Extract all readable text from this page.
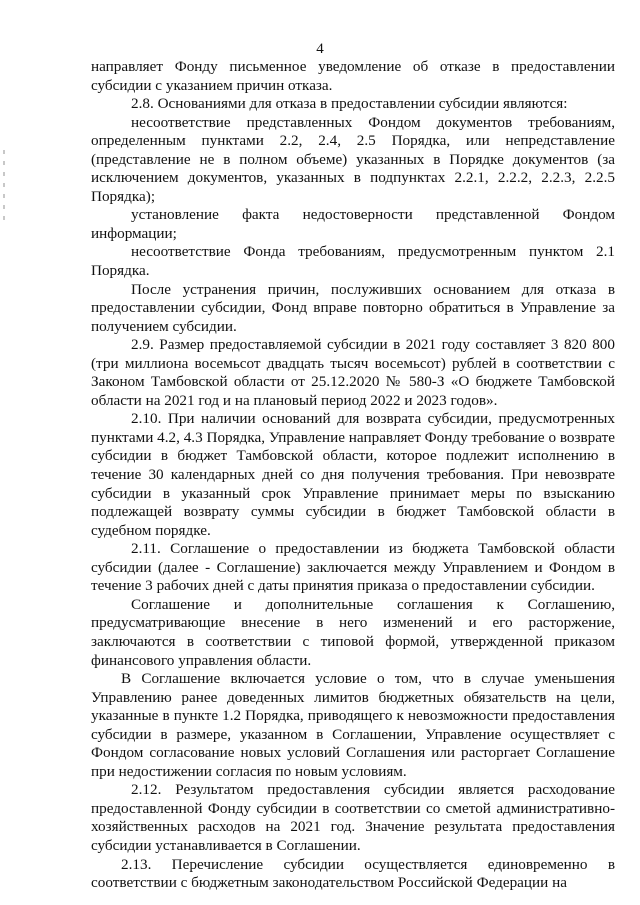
4

направляет Фонду письменное уведомление об отказе в предоставлении субсидии с указанием причин отказа.

2.8. Основаниями для отказа в предоставлении субсидии являются:

несоответствие представленных Фондом документов требованиям, определенным пунктами 2.2, 2.4, 2.5 Порядка, или непредставление (представление не в полном объеме) указанных в Порядке документов (за исключением документов, указанных в подпунктах 2.2.1, 2.2.2, 2.2.3, 2.2.5 Порядка);

установление факта недостоверности представленной Фондом информации;

несоответствие Фонда требованиям, предусмотренным пунктом 2.1 Порядка.

После устранения причин, послуживших основанием для отказа в предоставлении субсидии, Фонд вправе повторно обратиться в Управление за получением субсидии.

2.9. Размер предоставляемой субсидии в 2021 году составляет 3 820 800 (три миллиона восемьсот двадцать тысяч восемьсот) рублей в соответствии с Законом Тамбовской области от 25.12.2020 № 580-З «О бюджете Тамбовской области на 2021 год и на плановый период 2022 и 2023 годов».

2.10. При наличии оснований для возврата субсидии, предусмотренных пунктами 4.2, 4.3 Порядка, Управление направляет Фонду требование о возврате субсидии в бюджет Тамбовской области, которое подлежит исполнению в течение 30 календарных дней со дня получения требования. При невозврате субсидии в указанный срок Управление принимает меры по взысканию подлежащей возврату суммы субсидии в бюджет Тамбовской области в судебном порядке.

2.11. Соглашение о предоставлении из бюджета Тамбовской области субсидии (далее - Соглашение) заключается между Управлением и Фондом в течение 3 рабочих дней с даты принятия приказа о предоставлении субсидии.

Соглашение и дополнительные соглашения к Соглашению, предусматривающие внесение в него изменений и его расторжение, заключаются в соответствии с типовой формой, утвержденной приказом финансового управления области.

В Соглашение включается условие о том, что в случае уменьшения Управлению ранее доведенных лимитов бюджетных обязательств на цели, указанные в пункте 1.2 Порядка, приводящего к невозможности предоставления субсидии в размере, указанном в Соглашении, Управление осуществляет с Фондом согласование новых условий Соглашения или расторгает Соглашение при недостижении согласия по новым условиям.

2.12. Результатом предоставления субсидии является расходование предоставленной Фонду субсидии в соответствии со сметой административно-хозяйственных расходов на 2021 год. Значение результата предоставления субсидии устанавливается в Соглашении.

2.13. Перечисление субсидии осуществляется единовременно в соответствии с бюджетным законодательством Российской Федерации на
